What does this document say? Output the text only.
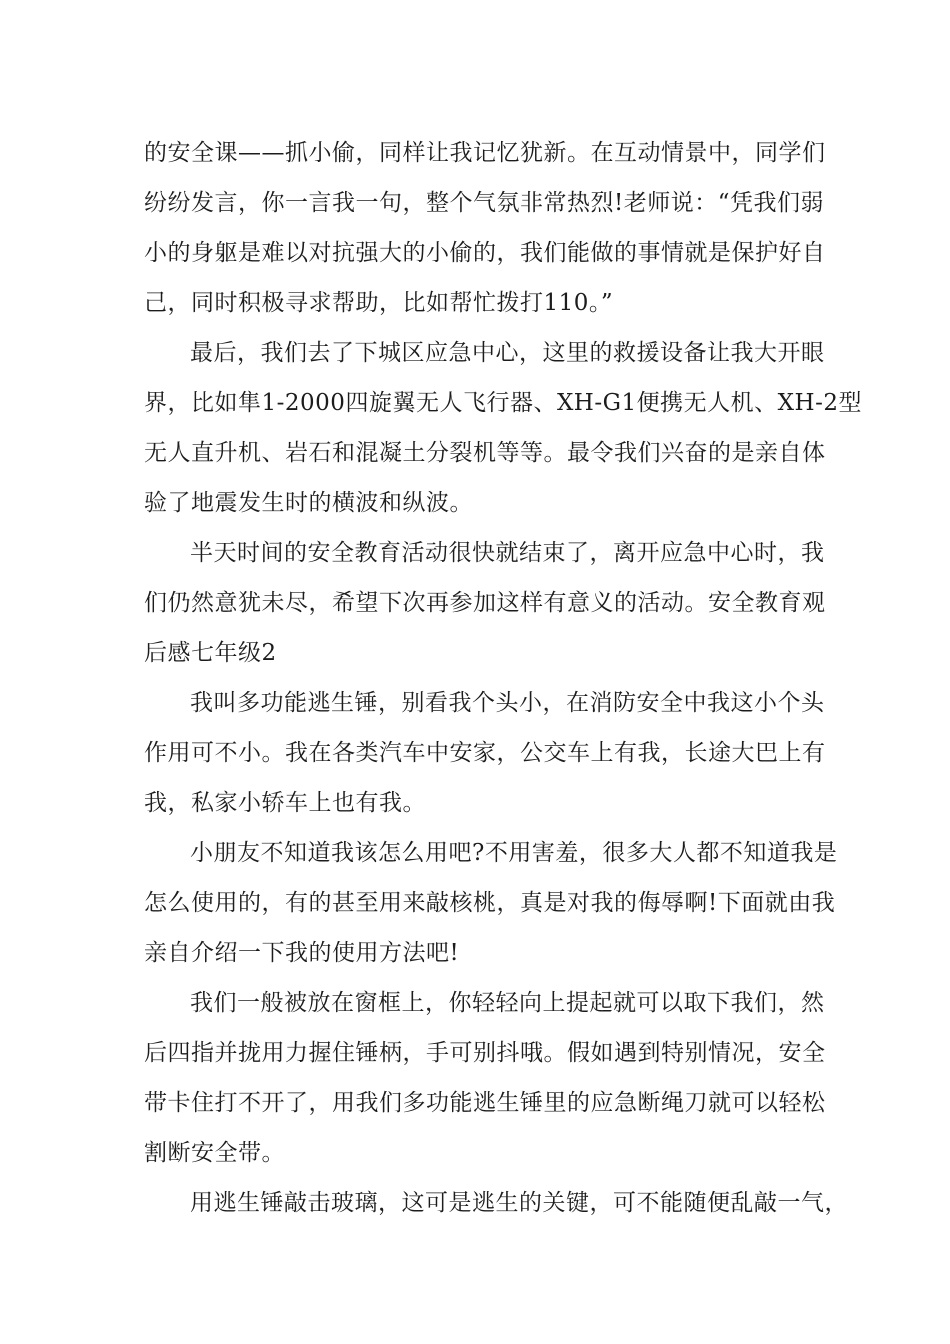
的安全课——抓小偷，同样让我记忆犹新。在互动情景中，同学们
纷纷发言，你一言我一句，整个气氛非常热烈!老师说：“凭我们弱
小的身躯是难以对抗强大的小偷的，我们能做的事情就是保护好自
己，同时积极寻求帮助，比如帮忙拨打110。”
最后，我们去了下城区应急中心，这里的救援设备让我大开眼
界，比如隼1-2000四旋翼无人飞行器、XH-G1便携无人机、XH-2型
无人直升机、岩石和混凝土分裂机等等。最令我们兴奋的是亲自体
验了地震发生时的横波和纵波。
半天时间的安全教育活动很快就结束了，离开应急中心时，我
们仍然意犹未尽，希望下次再参加这样有意义的活动。安全教育观
后感七年级2
我叫多功能逃生锤，别看我个头小，在消防安全中我这小个头
作用可不小。我在各类汽车中安家，公交车上有我，长途大巴上有
我，私家小轿车上也有我。
小朋友不知道我该怎么用吧?不用害羞，很多大人都不知道我是
怎么使用的，有的甚至用来敲核桃，真是对我的侮辱啊!下面就由我
亲自介绍一下我的使用方法吧!
我们一般被放在窗框上，你轻轻向上提起就可以取下我们，然
后四指并拢用力握住锤柄，手可别抖哦。假如遇到特别情况，安全
带卡住打不开了，用我们多功能逃生锤里的应急断绳刀就可以轻松
割断安全带。
用逃生锤敲击玻璃，这可是逃生的关键，可不能随便乱敲一气，
